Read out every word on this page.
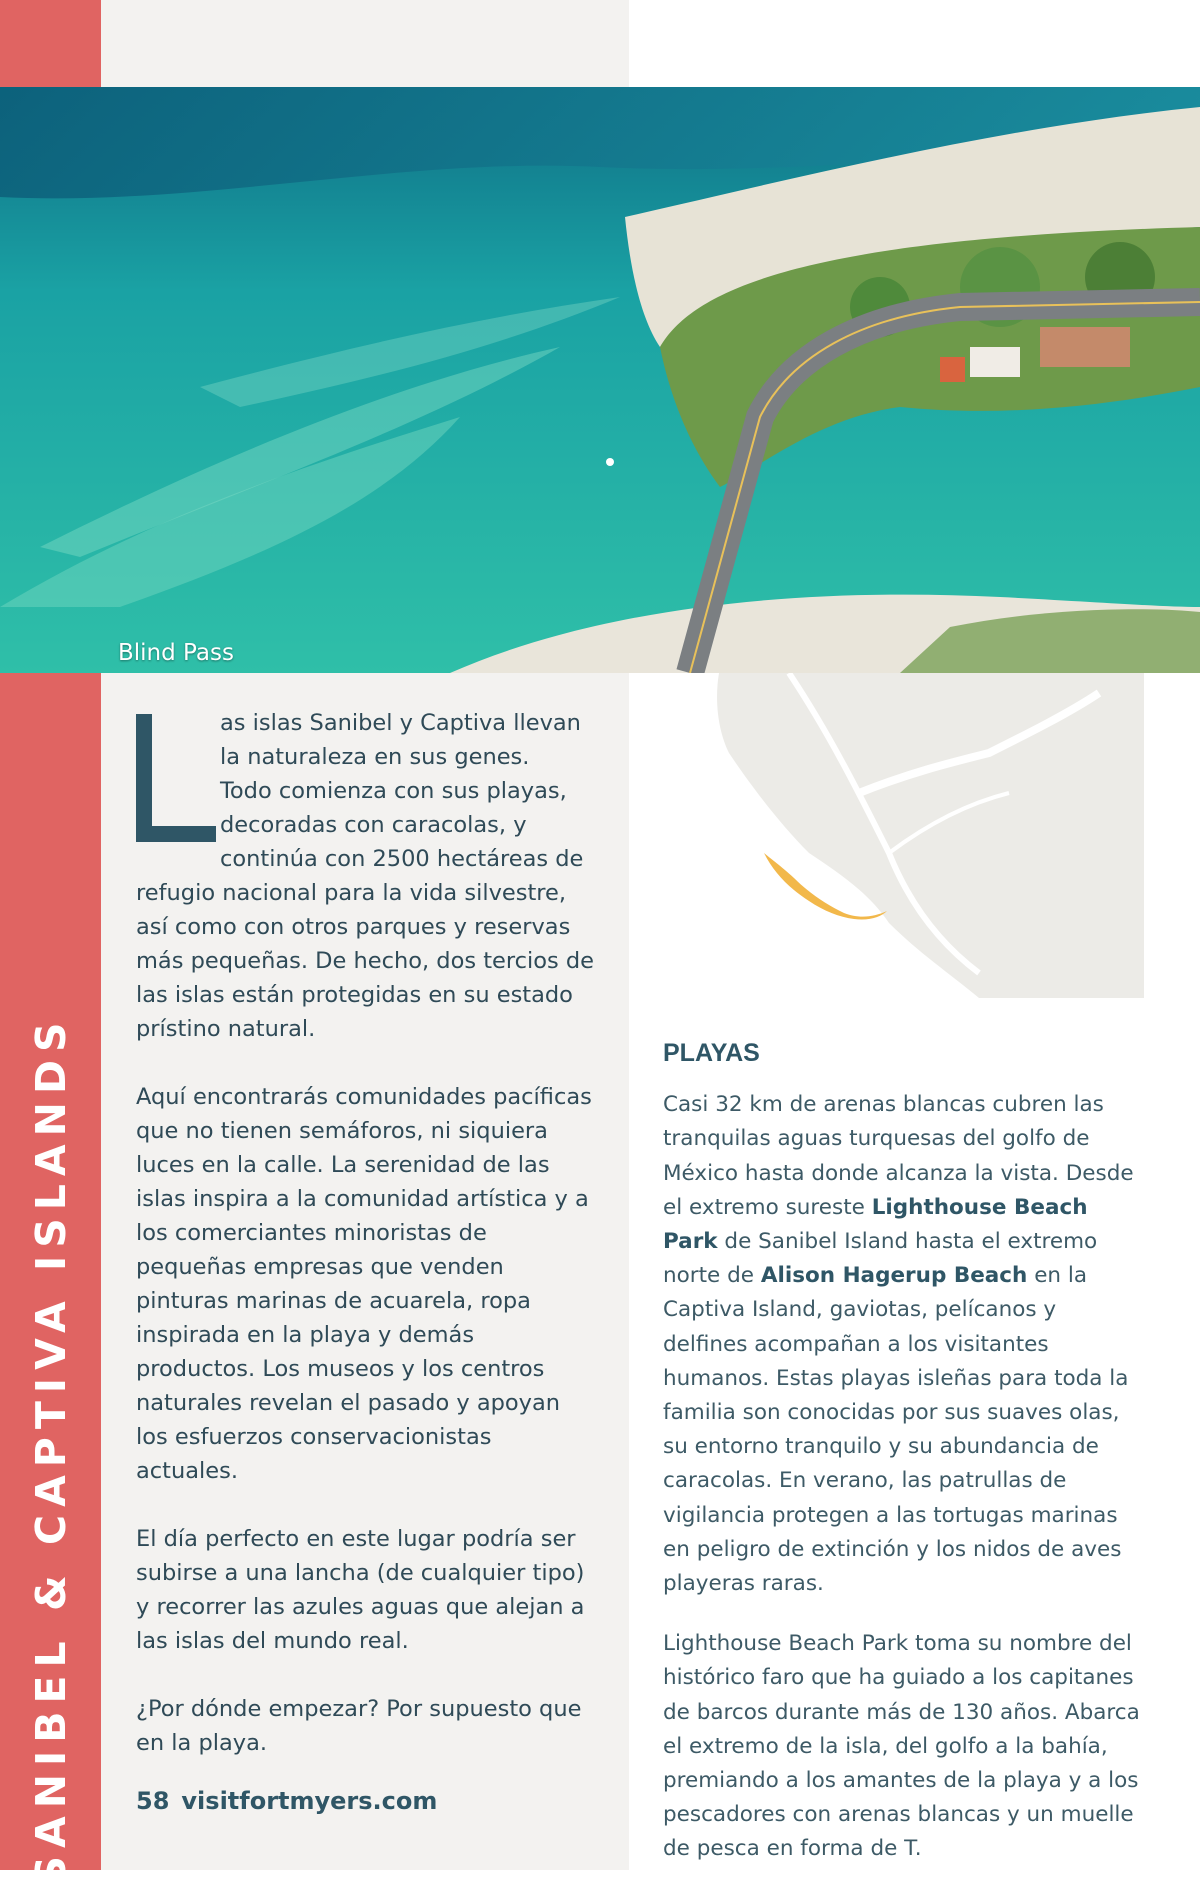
Blind Pass
SANIBEL & CAPTIVA ISLANDS

as islas Sanibel y Captiva llevan
la naturaleza en sus genes.
Todo comienza con sus playas,
decoradas con caracolas, y
continúa con 2500 hectáreas de refugio nacional para la vida silvestre, así como con otros parques y reservas más pequeñas. De hecho, dos tercios de las islas están protegidas en su estado prístino natural.

Aquí encontrarás comunidades pacíficas que no tienen semáforos, ni siquiera luces en la calle. La serenidad de las islas inspira a la comunidad artística y a los comerciantes minoristas de pequeñas empresas que venden pinturas marinas de acuarela, ropa inspirada en la playa y demás productos. Los museos y los centros naturales revelan el pasado y apoyan los esfuerzos conservacionistas actuales.

El día perfecto en este lugar podría ser subirse a una lancha (de cualquier tipo) y recorrer las azules aguas que alejan a las islas del mundo real.

¿Por dónde empezar? Por supuesto que en la playa.

58 visitfortmyers.com
PLAYAS

Casi 32 km de arenas blancas cubren las tranquilas aguas turquesas del golfo de México hasta donde alcanza la vista. Desde el extremo sureste Lighthouse Beach Park de Sanibel Island hasta el extremo norte de Alison Hagerup Beach en la Captiva Island, gaviotas, pelícanos y delfines acompañan a los visitantes humanos. Estas playas isleñas para toda la familia son conocidas por sus suaves olas, su entorno tranquilo y su abundancia de caracolas. En verano, las patrullas de vigilancia protegen a las tortugas marinas en peligro de extinción y los nidos de aves playeras raras.

Lighthouse Beach Park toma su nombre del histórico faro que ha guiado a los capitanes de barcos durante más de 130 años. Abarca el extremo de la isla, del golfo a la bahía, premiando a los amantes de la playa y a los pescadores con arenas blancas y un muelle de pesca en forma de T.
